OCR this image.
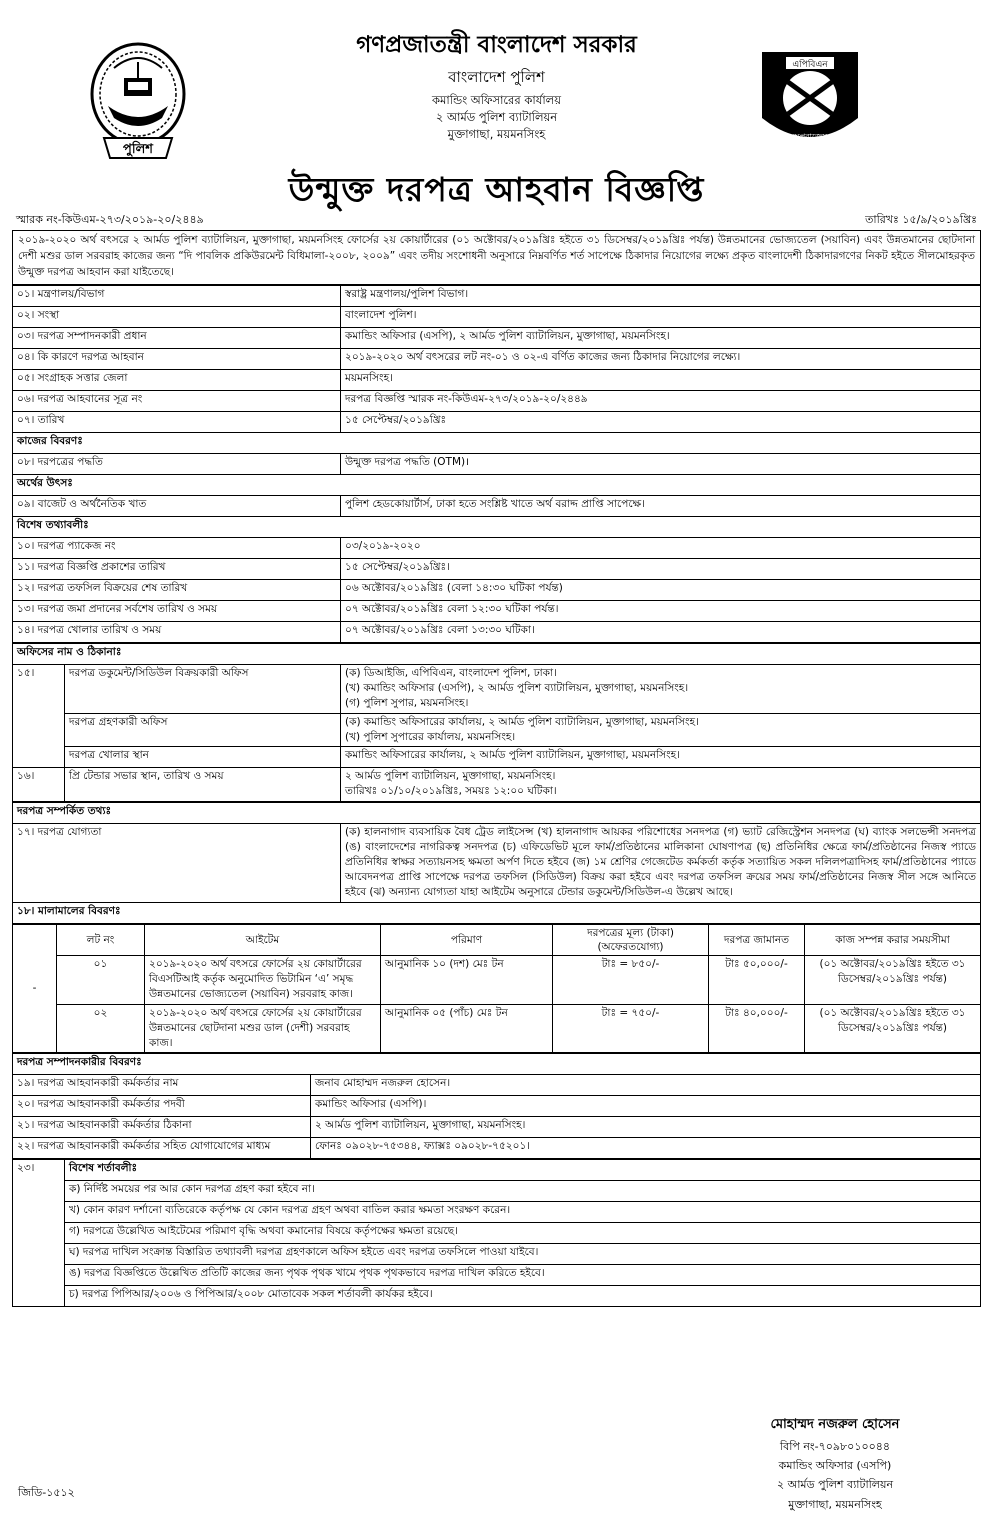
পুলিশ
এপিবিএন
অপরাজেয়
গণপ্রজাতন্ত্রী বাংলাদেশ সরকার
বাংলাদেশ পুলিশ
কমান্ডিং অফিসারের কার্যালয়
২ আর্মড পুলিশ ব্যাটালিয়ন
মুক্তাগাছা, ময়মনসিংহ
উন্মুক্ত দরপত্র আহবান বিজ্ঞপ্তি
স্মারক নং-কিউএম-২৭৩/২০১৯-২০/২৪৪৯	তারিখঃ ১৫/৯/২০১৯খ্রিঃ
২০১৯-২০২০ অর্থ বৎসরে ২ আর্মড পুলিশ ব্যাটালিয়ন, মুক্তাগাছা, ময়মনসিংহ ফোর্সের ২য় কোয়ার্টারের (০১ অক্টোবর/২০১৯খ্রিঃ হইতে ৩১ ডিসেম্বর/২০১৯খ্রিঃ পর্যন্ত) উন্নতমানের ভোজ্যতেল (সয়াবিন) এবং উন্নতমানের ছোটদানা দেশী মশুর ডাল সরবরাহ কাজের জন্য “দি পাবলিক প্রকিউরমেন্ট বিধিমালা-২০০৮, ২০০৯” এবং তদীয় সংশোধনী অনুসারে নিম্নবর্ণিত শর্ত সাপেক্ষে ঠিকাদার নিয়োগের লক্ষ্যে প্রকৃত বাংলাদেশী ঠিকাদারগণের নিকট হইতে সীলমোহরকৃত উন্মুক্ত দরপত্র আহবান করা যাইতেছে।
০১। মন্ত্রণালয়/বিভাগ	স্বরাষ্ট্র মন্ত্রণালয়/পুলিশ বিভাগ।
০২। সংস্থা	বাংলাদেশ পুলিশ।
০৩। দরপত্র সম্পাদনকারী প্রধান	কমান্ডিং অফিসার (এসপি), ২ আর্মড পুলিশ ব্যাটালিয়ন, মুক্তাগাছা, ময়মনসিংহ।
০৪। কি কারণে দরপত্র আহবান	২০১৯-২০২০ অর্থ বৎসরের লট নং-০১ ও ০২-এ বর্ণিত কাজের জন্য ঠিকাদার নিয়োগের লক্ষ্যে।
০৫। সংগ্রাহক সত্তার জেলা	ময়মনসিংহ।
০৬। দরপত্র আহবানের সূত্র নং	দরপত্র বিজ্ঞপ্তি স্মারক নং-কিউএম-২৭৩/২০১৯-২০/২৪৪৯
০৭। তারিখ	১৫ সেপ্টেম্বর/২০১৯খ্রিঃ
কাজের বিবরণঃ	
০৮। দরপত্রের পদ্ধতি	উন্মুক্ত দরপত্র পদ্ধতি (OTM)।
অর্থের উৎসঃ	
০৯। বাজেট ও অর্থনৈতিক খাত	পুলিশ হেডকোয়ার্টার্স, ঢাকা হতে সংশ্লিষ্ট খাতে অর্থ বরাদ্দ প্রাপ্তি সাপেক্ষে।
বিশেষ তথ্যাবলীঃ	
১০। দরপত্র প্যাকেজ নং	০৩/২০১৯-২০২০
১১। দরপত্র বিজ্ঞপ্তি প্রকাশের তারিখ	১৫ সেপ্টেম্বর/২০১৯খ্রিঃ।
১২। দরপত্র তফসিল বিক্রয়ের শেষ তারিখ	০৬ অক্টোবর/২০১৯খ্রিঃ (বেলা ১৪:৩০ ঘটিকা পর্যন্ত)
১৩। দরপত্র জমা প্রদানের সর্বশেষ তারিখ ও সময়	০৭ অক্টোবর/২০১৯খ্রিঃ বেলা ১২:৩০ ঘটিকা পর্যন্ত।
১৪। দরপত্র খোলার তারিখ ও সময়	০৭ অক্টোবর/২০১৯খ্রিঃ বেলা ১৩:৩০ ঘটিকা।
অফিসের নাম ও ঠিকানাঃ		
১৫।	দরপত্র ডকুমেন্ট/সিডিউল বিক্রয়কারী অফিস	(ক) ডিআইজি, এপিবিএন, বাংলাদেশ পুলিশ, ঢাকা।
(খ) কমান্ডিং অফিসার (এসপি), ২ আর্মড পুলিশ ব্যাটালিয়ন, মুক্তাগাছা, ময়মনসিংহ।
(গ) পুলিশ সুপার, ময়মনসিংহ।

	দরপত্র গ্রহণকারী অফিস	(ক) কমান্ডিং অফিসারের কার্যালয়, ২ আর্মড পুলিশ ব্যাটালিয়ন, মুক্তাগাছা, ময়মনসিংহ।
(খ) পুলিশ সুপারের কার্যালয়, ময়মনসিংহ।

	দরপত্র খোলার স্থান	কমান্ডিং অফিসারের কার্যালয়, ২ আর্মড পুলিশ ব্যাটালিয়ন, মুক্তাগাছা, ময়মনসিংহ।
১৬।	প্রি টেন্ডার সভার স্থান, তারিখ ও সময়	২ আর্মড পুলিশ ব্যাটালিয়ন, মুক্তাগাছা, ময়মনসিংহ।
তারিখঃ ০১/১০/২০১৯খ্রিঃ, সময়ঃ ১২:০০ ঘটিকা।
দরপত্র সম্পর্কিত তথ্যঃ
১৭। দরপত্র যোগ্যতা	(ক) হালনাগাদ ব্যবসায়িক বৈধ ট্রেড লাইসেন্স (খ) হালনাগাদ আয়কর পরিশোধের সনদপত্র (গ) ভ্যাট রেজিস্ট্রেশন সনদপত্র (ঘ) ব্যাংক সলভেন্সী সনদপত্র (ঙ) বাংলাদেশের নাগরিকত্ব সনদপত্র (চ) এফিডেভিট মূলে ফার্ম/প্রতিষ্ঠানের মালিকানা ঘোষণাপত্র (ছ) প্রতিনিধির ক্ষেত্রে ফার্ম/প্রতিষ্ঠানের নিজস্ব প্যাডে প্রতিনিধির স্বাক্ষর সত্যায়নসহ ক্ষমতা অর্পণ দিতে হইবে (জ) ১ম শ্রেণির গেজেটেড কর্মকর্তা কর্তৃক সত্যায়িত সকল দলিলপত্রাদিসহ ফার্ম/প্রতিষ্ঠানের প্যাডে আবেদনপত্র প্রাপ্তি সাপেক্ষে দরপত্র তফসিল (সিডিউল) বিক্রয় করা হইবে এবং দরপত্র তফসিল ক্রয়ের সময় ফার্ম/প্রতিষ্ঠানের নিজস্ব সীল সঙ্গে আনিতে হইবে (ঝ) অন্যান্য যোগ্যতা যাহা আইটেম অনুসারে টেন্ডার ডকুমেন্ট/সিডিউল-এ উল্লেখ আছে।
১৮। মালামালের বিবরণঃ
-	লট নং	আইটেম	পরিমাণ	দরপত্রের মূল্য (টাকা) (অফেরতযোগ্য)	দরপত্র জামানত	কাজ সম্পন্ন করার সময়সীমা
	০১	২০১৯-২০২০ অর্থ বৎসরে ফোর্সের ২য় কোয়ার্টারের বিএসটিআই কর্তৃক অনুমোদিত ভিটামিন ‘এ’ সমৃদ্ধ উন্নতমানের ভোজ্যতেল (সয়াবিন) সরবরাহ কাজ।	আনুমানিক ১০ (দশ) মেঃ টন	টাঃ = ৮৫০/-	টাঃ ৫০,০০০/-	(০১ অক্টোবর/২০১৯খ্রিঃ হইতে ৩১ ডিসেম্বর/২০১৯খ্রিঃ পর্যন্ত)
	০২	২০১৯-২০২০ অর্থ বৎসরে ফোর্সের ২য় কোয়ার্টারের উন্নতমানের ছোটদানা মশুর ডাল (দেশী) সরবরাহ কাজ।	আনুমানিক ০৫ (পাঁচ) মেঃ টন	টাঃ = ৭৫০/-	টাঃ ৪০,০০০/-	(০১ অক্টোবর/২০১৯খ্রিঃ হইতে ৩১ ডিসেম্বর/২০১৯খ্রিঃ পর্যন্ত)
দরপত্র সম্পাদনকারীর বিবরণঃ	
১৯। দরপত্র আহবানকারী কর্মকর্তার নাম	জনাব মোহাম্মদ নজরুল হোসেন।
২০। দরপত্র আহবানকারী কর্মকর্তার পদবী	কমান্ডিং অফিসার (এসপি)।
২১। দরপত্র আহবানকারী কর্মকর্তার ঠিকানা	২ আর্মড পুলিশ ব্যাটালিয়ন, মুক্তাগাছা, ময়মনসিংহ।
২২। দরপত্র আহবানকারী কর্মকর্তার সহিত যোগাযোগের মাধ্যম	ফোনঃ ০৯০২৮-৭৫৩৪৪, ফ্যাক্সঃ ০৯০২৮-৭৫২০১।
২৩।	বিশেষ শর্তাবলীঃ
ক) নির্দিষ্ট সময়ের পর আর কোন দরপত্র গ্রহণ করা হইবে না।
খ) কোন কারণ দর্শানো ব্যতিরেকে কর্তৃপক্ষ যে কোন দরপত্র গ্রহণ অথবা বাতিল করার ক্ষমতা সংরক্ষণ করেন।
গ) দরপত্রে উল্লেখিত আইটেমের পরিমাণ বৃদ্ধি অথবা কমানোর বিষয়ে কর্তৃপক্ষের ক্ষমতা রয়েছে।
ঘ) দরপত্র দাখিল সংক্রান্ত বিস্তারিত তথ্যাবলী দরপত্র গ্রহণকালে অফিস হইতে এবং দরপত্র তফসিলে পাওয়া যাইবে।
ঙ) দরপত্র বিজ্ঞপ্তিতে উল্লেখিত প্রতিটি কাজের জন্য পৃথক পৃথক খামে পৃথক পৃথকভাবে দরপত্র দাখিল করিতে হইবে।
চ) দরপত্র পিপিআর/২০০৬ ও পিপিআর/২০০৮ মোতাবেক সকল শর্তাবলী কার্যকর হইবে।
মোহাম্মদ নজরুল হোসেন
বিপি নং-৭০৯৮০১০০৪৪
কমান্ডিং অফিসার (এসপি)
২ আর্মড পুলিশ ব্যাটালিয়ন
মুক্তাগাছা, ময়মনসিংহ
জিডি-১৫১২
